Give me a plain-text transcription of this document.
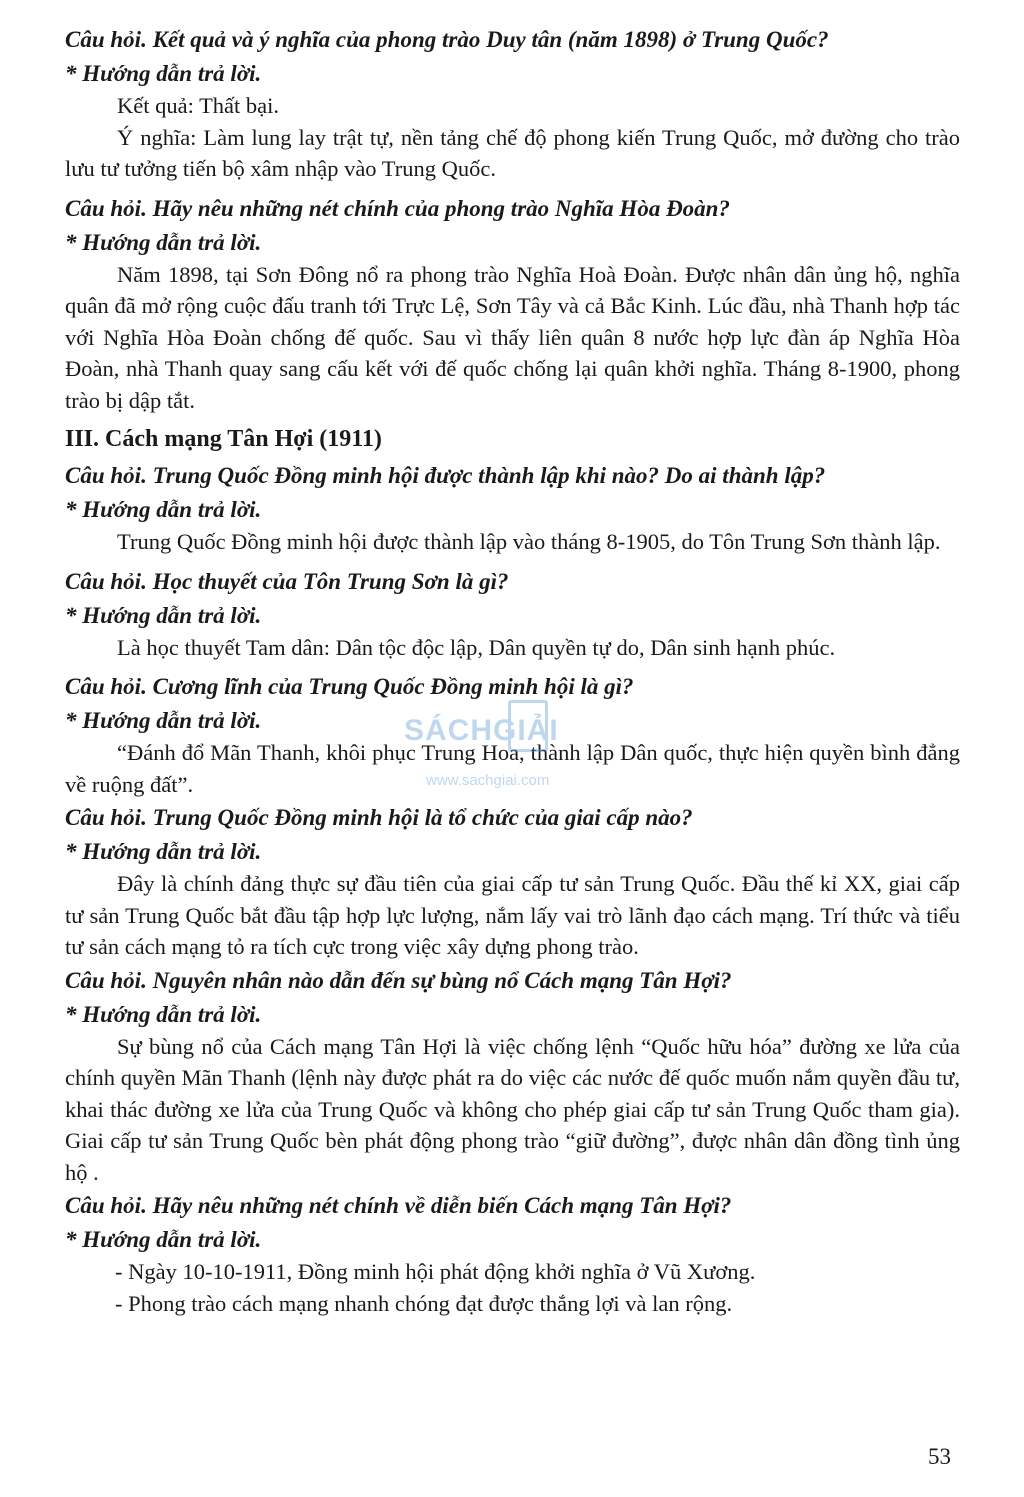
Câu hỏi. Kết quả và ý nghĩa của phong trào Duy tân (năm 1898) ở Trung Quốc?

* Hướng dẫn trả lời.

Kết quả: Thất bại.

Ý nghĩa: Làm lung lay trật tự, nền tảng chế độ phong kiến Trung Quốc, mở đường cho trào lưu tư tưởng tiến bộ xâm nhập vào Trung Quốc.

Câu hỏi. Hãy nêu những nét chính của phong trào Nghĩa Hòa Đoàn?

* Hướng dẫn trả lời.

Năm 1898, tại Sơn Đông nổ ra phong trào Nghĩa Hoà Đoàn. Được nhân dân ủng hộ, nghĩa quân đã mở rộng cuộc đấu tranh tới Trực Lệ, Sơn Tây và cả Bắc Kinh. Lúc đầu, nhà Thanh hợp tác với Nghĩa Hòa Đoàn chống đế quốc. Sau vì thấy liên quân 8 nước hợp lực đàn áp Nghĩa Hòa Đoàn, nhà Thanh quay sang cấu kết với đế quốc chống lại quân khởi nghĩa. Tháng 8-1900, phong trào bị dập tắt.

III. Cách mạng Tân Hợi (1911)

Câu hỏi. Trung Quốc Đồng minh hội được thành lập khi nào? Do ai thành lập?

* Hướng dẫn trả lời.

Trung Quốc Đồng minh hội được thành lập vào tháng 8-1905, do Tôn Trung Sơn thành lập.

Câu hỏi. Học thuyết của Tôn Trung Sơn là gì?

* Hướng dẫn trả lời.

Là học thuyết Tam dân: Dân tộc độc lập, Dân quyền tự do, Dân sinh hạnh phúc.

Câu hỏi. Cương lĩnh của Trung Quốc Đồng minh hội là gì?

* Hướng dẫn trả lời.

“Đánh đổ Mãn Thanh, khôi phục Trung Hoa, thành lập Dân quốc, thực hiện quyền bình đẳng về ruộng đất”.

Câu hỏi. Trung Quốc Đồng minh hội là tổ chức của giai cấp nào?

* Hướng dẫn trả lời.

Đây là chính đảng thực sự đầu tiên của giai cấp tư sản Trung Quốc. Đầu thế kỉ XX, giai cấp tư sản Trung Quốc bắt đầu tập hợp lực lượng, nắm lấy vai trò lãnh đạo cách mạng. Trí thức và tiểu tư sản cách mạng tỏ ra tích cực trong việc xây dựng phong trào.

Câu hỏi. Nguyên nhân nào dẫn đến sự bùng nổ Cách mạng Tân Hợi?

* Hướng dẫn trả lời.

Sự bùng nổ của Cách mạng Tân Hợi là việc chống lệnh “Quốc hữu hóa” đường xe lửa của chính quyền Mãn Thanh (lệnh này được phát ra do việc các nước đế quốc muốn nắm quyền đầu tư, khai thác đường xe lửa của Trung Quốc và không cho phép giai cấp tư sản Trung Quốc tham gia). Giai cấp tư sản Trung Quốc bèn phát động phong trào “giữ đường”, được nhân dân đồng tình ủng hộ .

Câu hỏi. Hãy nêu những nét chính về diễn biến Cách mạng Tân Hợi?

* Hướng dẫn trả lời.

- Ngày 10-10-1911, Đồng minh hội phát động khởi nghĩa ở Vũ Xương.

- Phong trào cách mạng nhanh chóng đạt được thắng lợi và lan rộng.

SÁCHGIẢI
www.sachgiai.com
53
